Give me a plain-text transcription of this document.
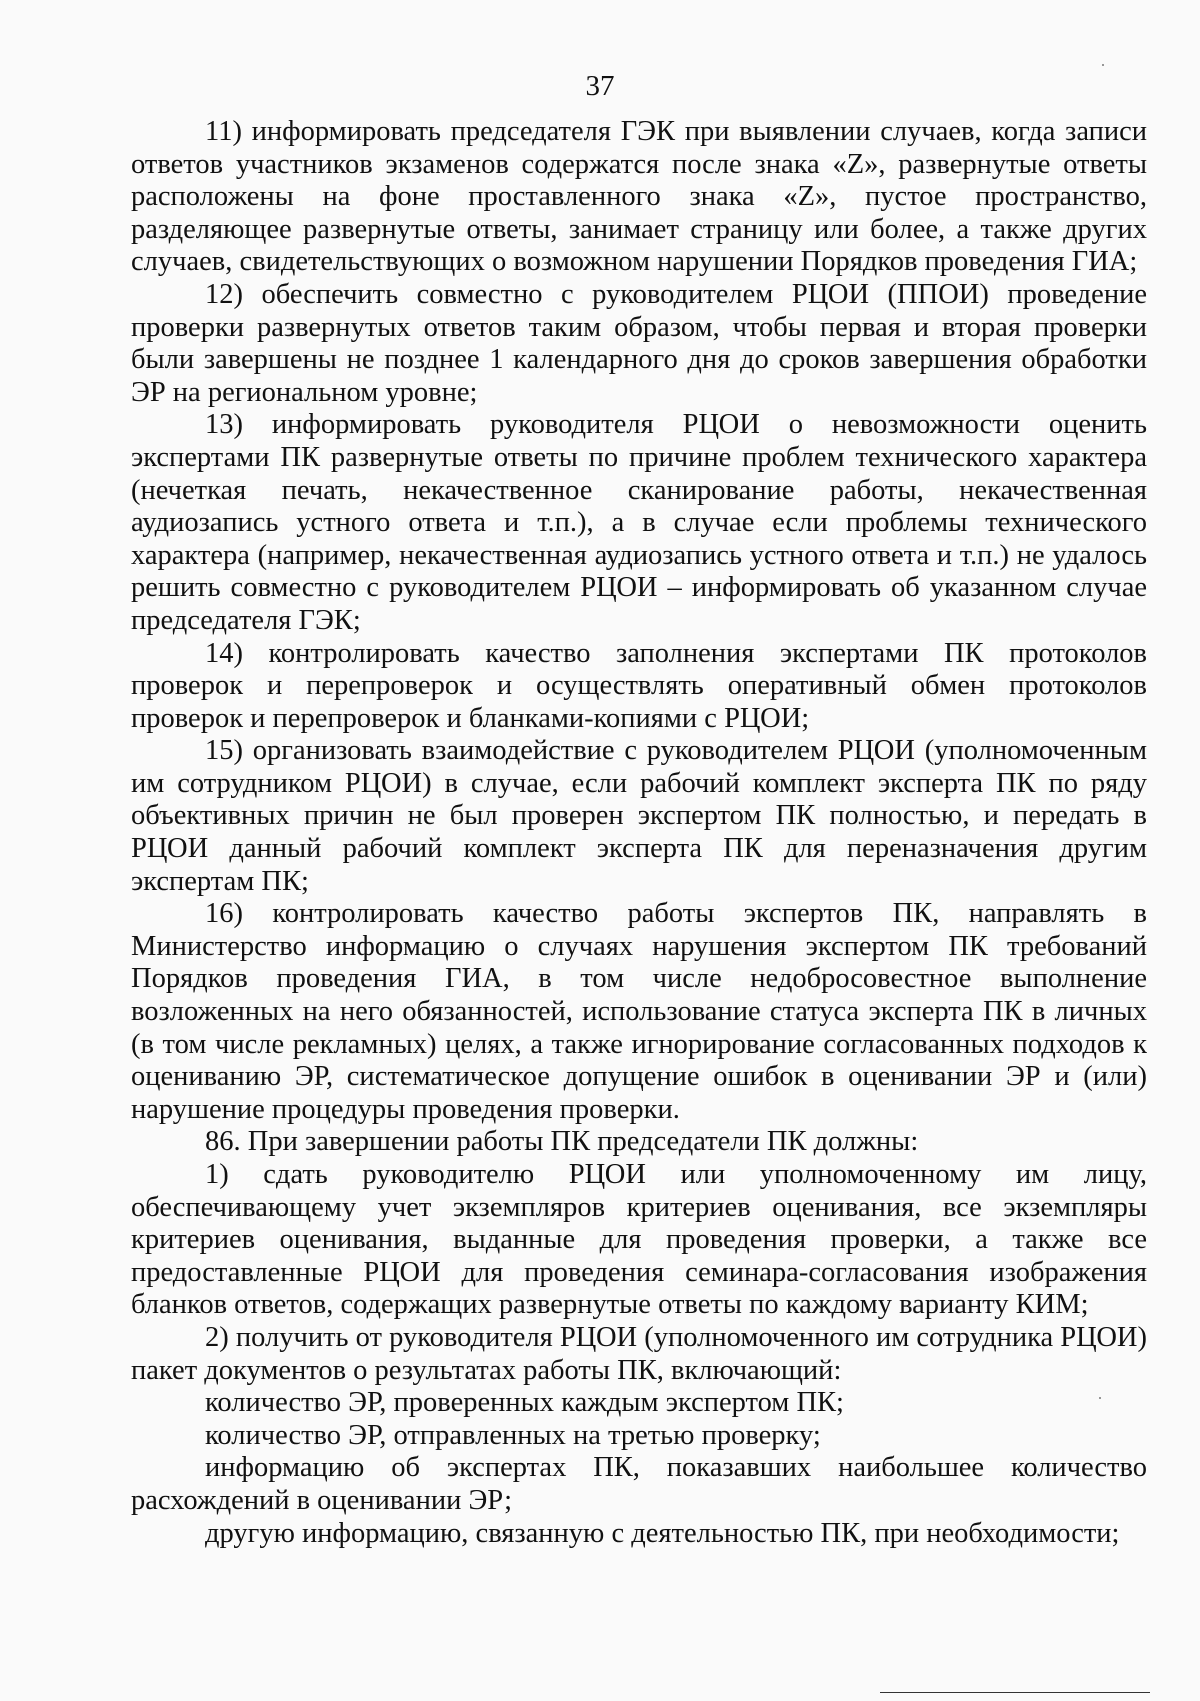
37

11) информировать председателя ГЭК при выявлении случаев, когда записи ответов участников экзаменов содержатся после знака «Z», развернутые ответы расположены на фоне проставленного знака «Z», пустое пространство, разделяющее развернутые ответы, занимает страницу или более, а также других случаев, свидетельствующих о возможном нарушении Порядков проведения ГИА;

12) обеспечить совместно с руководителем РЦОИ (ППОИ) проведение проверки развернутых ответов таким образом, чтобы первая и вторая проверки были завершены не позднее 1 календарного дня до сроков завершения обработки ЭР на региональном уровне;

13) информировать руководителя РЦОИ о невозможности оценить экспертами ПК развернутые ответы по причине проблем технического характера (нечеткая печать, некачественное сканирование работы, некачественная аудиозапись устного ответа и т.п.), а в случае если проблемы технического характера (например, некачественная аудиозапись устного ответа и т.п.) не удалось решить совместно с руководителем РЦОИ – информировать об указанном случае председателя ГЭК;

14) контролировать качество заполнения экспертами ПК протоколов проверок и перепроверок и осуществлять оперативный обмен протоколов проверок и перепроверок и бланками-копиями с РЦОИ;

15) организовать взаимодействие с руководителем РЦОИ (уполномоченным им сотрудником РЦОИ) в случае, если рабочий комплект эксперта ПК по ряду объективных причин не был проверен экспертом ПК полностью, и передать в РЦОИ данный рабочий комплект эксперта ПК для переназначения другим экспертам ПК;

16) контролировать качество работы экспертов ПК, направлять в Министерство информацию о случаях нарушения экспертом ПК требований Порядков проведения ГИА, в том числе недобросовестное выполнение возложенных на него обязанностей, использование статуса эксперта ПК в личных (в том числе рекламных) целях, а также игнорирование согласованных подходов к оцениванию ЭР, систематическое допущение ошибок в оценивании ЭР и (или) нарушение процедуры проведения проверки.

86. При завершении работы ПК председатели ПК должны:

1) сдать руководителю РЦОИ или уполномоченному им лицу, обеспечивающему учет экземпляров критериев оценивания, все экземпляры критериев оценивания, выданные для проведения проверки, а также все предоставленные РЦОИ для проведения семинара-согласования изображения бланков ответов, содержащих развернутые ответы по каждому варианту КИМ;

2) получить от руководителя РЦОИ (уполномоченного им сотрудника РЦОИ) пакет документов о результатах работы ПК, включающий:

количество ЭР, проверенных каждым экспертом ПК;

количество ЭР, отправленных на третью проверку;

информацию об экспертах ПК, показавших наибольшее количество расхождений в оценивании ЭР;

другую информацию, связанную с деятельностью ПК, при необходимости;
